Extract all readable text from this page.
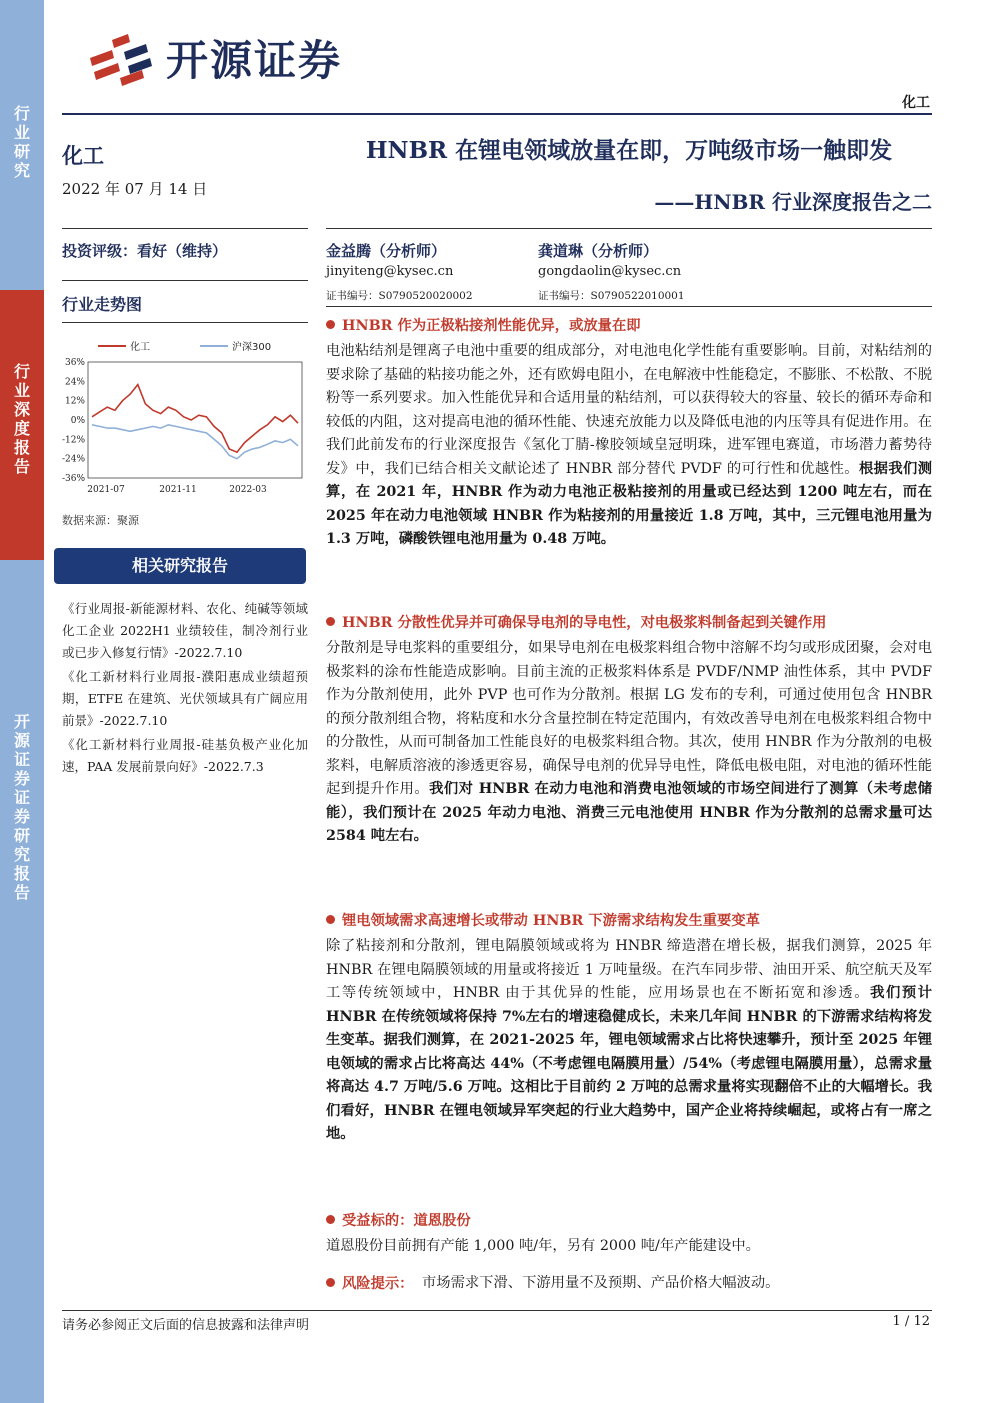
行业研究
行业深度报告
开源证券 证券研究报告
开源证券
化工
化工
2022 年 07 月 14 日
投资评级：看好（维持）
行业走势图
36%
24%
12%
0%
-12%
-24%
-36%
2021-07	2021-11	2022-03
化工	沪深300
数据来源：聚源
相关研究报告
《行业周报-新能源材料、农化、纯碱等领域化工企业 2022H1 业绩较佳，制冷剂行业或已步入修复行情》-2022.7.10
《化工新材料行业周报-濮阳惠成业绩超预期，ETFE 在建筑、光伏领域具有广阔应用前景》-2022.7.10
《化工新材料行业周报-硅基负极产业化加速，PAA 发展前景向好》-2022.7.3
HNBR 在锂电领域放量在即，万吨级市场一触即发
——HNBR 行业深度报告之二
金益腾（分析师）
jinyiteng@kysec.cn
证书编号：S0790520020002
龚道琳（分析师）
gongdaolin@kysec.cn
证书编号：S0790522010001
HNBR 作为正极粘接剂性能优异，或放量在即
电池粘结剂是锂离子电池中重要的组成部分，对电池电化学性能有重要影响。目前，对粘结剂的要求除了基础的粘接功能之外，还有欧姆电阻小，在电解液中性能稳定，不膨胀、不松散、不脱粉等一系列要求。加入性能优异和合适用量的粘结剂，可以获得较大的容量、较长的循环寿命和较低的内阻，这对提高电池的循环性能、快速充放能力以及降低电池的内压等具有促进作用。在我们此前发布的行业深度报告《氢化丁腈-橡胶领域皇冠明珠，进军锂电赛道，市场潜力蓄势待发》中，我们已结合相关文献论述了 HNBR 部分替代 PVDF 的可行性和优越性。根据我们测算，在 2021 年，HNBR 作为动力电池正极粘接剂的用量或已经达到 1200 吨左右，而在 2025 年在动力电池领域 HNBR 作为粘接剂的用量接近 1.8 万吨，其中，三元锂电池用量为 1.3 万吨，磷酸铁锂电池用量为 0.48 万吨。
HNBR 分散性优异并可确保导电剂的导电性，对电极浆料制备起到关键作用
分散剂是导电浆料的重要组分，如果导电剂在电极浆料组合物中溶解不均匀或形成团聚，会对电极浆料的涂布性能造成影响。目前主流的正极浆料体系是 PVDF/NMP 油性体系，其中 PVDF 作为分散剂使用，此外 PVP 也可作为分散剂。根据 LG 发布的专利，可通过使用包含 HNBR 的预分散剂组合物，将粘度和水分含量控制在特定范围内，有效改善导电剂在电极浆料组合物中的分散性，从而可制备加工性能良好的电极浆料组合物。其次，使用 HNBR 作为分散剂的电极浆料，电解质溶液的渗透更容易，确保导电剂的优异导电性，降低电极电阻，对电池的循环性能起到提升作用。我们对 HNBR 在动力电池和消费电池领域的市场空间进行了测算（未考虑储能），我们预计在 2025 年动力电池、消费三元电池使用 HNBR 作为分散剂的总需求量可达 2584 吨左右。
锂电领域需求高速增长或带动 HNBR 下游需求结构发生重要变革
除了粘接剂和分散剂，锂电隔膜领域或将为 HNBR 缔造潜在增长极，据我们测算，2025 年 HNBR 在锂电隔膜领域的用量或将接近 1 万吨量级。在汽车同步带、油田开采、航空航天及军工等传统领域中，HNBR 由于其优异的性能，应用场景也在不断拓宽和渗透。我们预计 HNBR 在传统领域将保持 7%左右的增速稳健成长，未来几年间 HNBR 的下游需求结构将发生变革。据我们测算，在 2021-2025 年，锂电领域需求占比将快速攀升，预计至 2025 年锂电领域的需求占比将高达 44%（不考虑锂电隔膜用量）/54%（考虑锂电隔膜用量），总需求量将高达 4.7 万吨/5.6 万吨。这相比于目前约 2 万吨的总需求量将实现翻倍不止的大幅增长。我们看好，HNBR 在锂电领域异军突起的行业大趋势中，国产企业将持续崛起，或将占有一席之地。
受益标的：道恩股份
道恩股份目前拥有产能 1,000 吨/年，另有 2000 吨/年产能建设中。
风险提示： 市场需求下滑、下游用量不及预期、产品价格大幅波动。
请务必参阅正文后面的信息披露和法律声明	1 / 12
